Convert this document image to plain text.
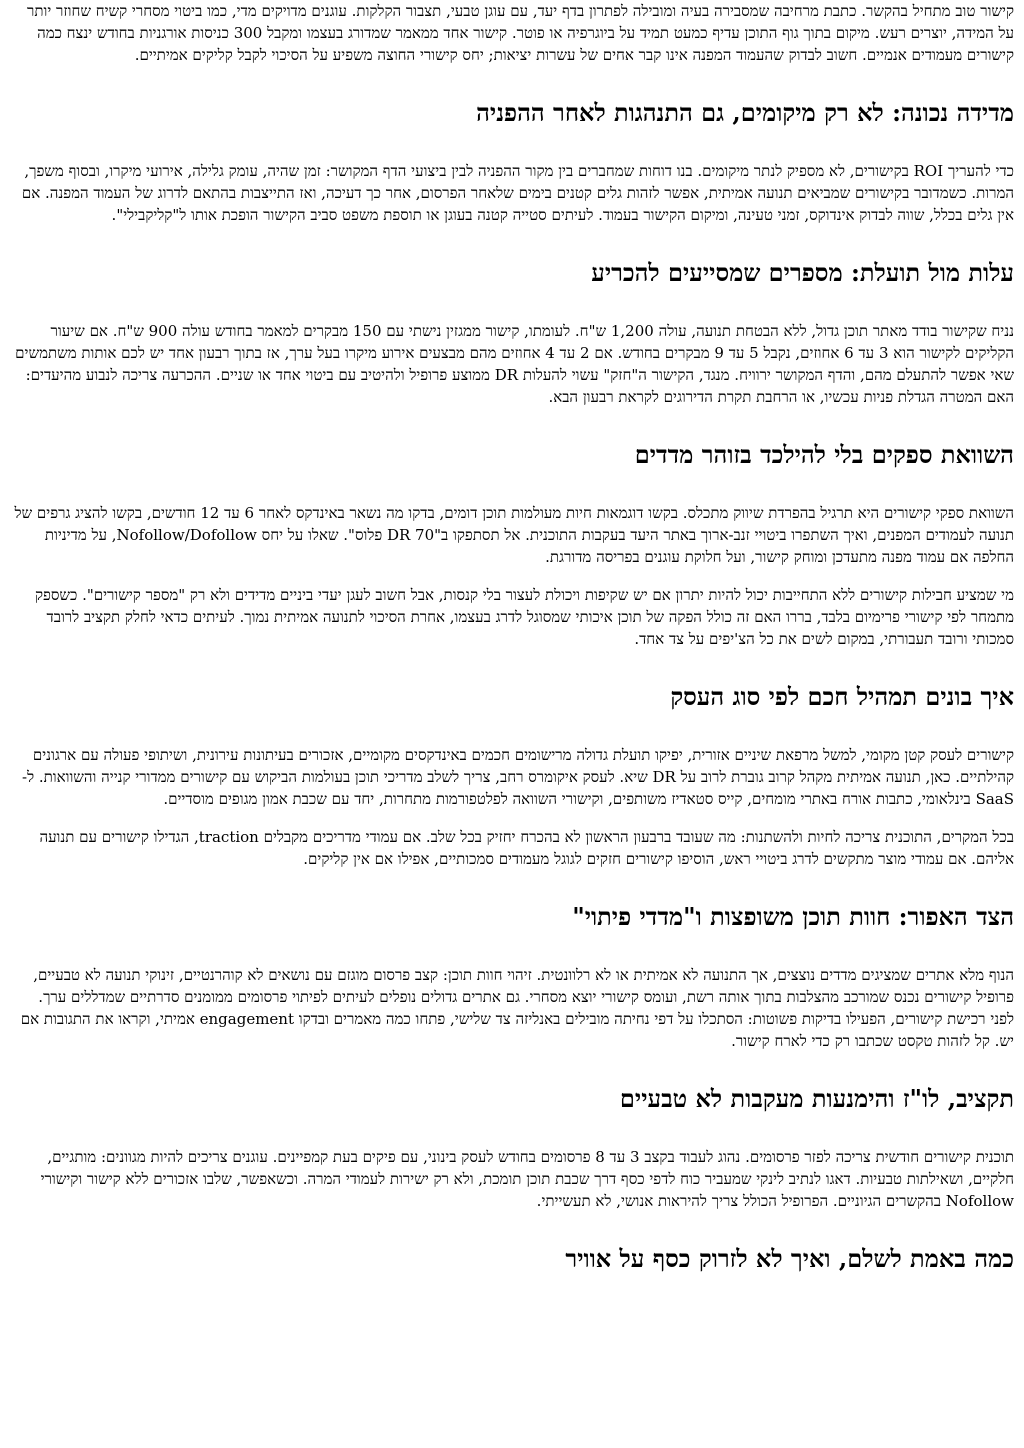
קישור טוב מתחיל בהקשר. כתבת מרחיבה שמסבירה בעיה ומובילה לפתרון בדף יעד, עם עוגן טבעי, תצבור הקלקות. עוגנים מדויקים מדי, כמו ביטוי מסחרי קשיח שחוזר יותר על המידה, יוצרים רעש. מיקום בתוך גוף התוכן עדיף כמעט תמיד על ביוגרפיה או פוטר. קישור אחד ממאמר שמדורג בעצמו ומקבל 300 כניסות אורגניות בחודש ינצח כמה קישורים מעמודים אנמיים. חשוב לבדוק שהעמוד המפנה אינו קבר אחים של עשרות יציאות; יחס קישורי החוצה משפיע על הסיכוי לקבל קליקים אמיתיים.

מדידה נכונה: לא רק מיקומים, גם התנהגות לאחר ההפניה

כדי להעריך ROI בקישורים, לא מספיק לנתר מיקומים. בנו דוחות שמחברים בין מקור ההפניה לבין ביצועי הדף המקושר: זמן שהיה, עומק גלילה, אירועי מיקרו, ובסוף משפך, המרות. כשמדובר בקישורים שמביאים תנועה אמיתית, אפשר לזהות גלים קטנים בימים שלאחר הפרסום, אחר כך דעיכה, ואז התייצבות בהתאם לדרוג של העמוד המפנה. אם אין גלים בכלל, שווה לבדוק אינדוקס, זמני טעינה, ומיקום הקישור בעמוד. לעיתים סטייה קטנה בעוגן או תוספת משפט סביב הקישור הופכת אותו ל"קליקבילי".

עלות מול תועלת: מספרים שמסייעים להכריע

נניח שקישור בודד מאתר תוכן גדול, ללא הבטחת תנועה, עולה 1,200 ש"ח. לעומתו, קישור ממגזין נישתי עם 150 מבקרים למאמר בחודש עולה 900 ש"ח. אם שיעור הקליקים לקישור הוא 3 עד 6 אחוזים, נקבל 5 עד 9 מבקרים בחודש. אם 2 עד 4 אחוזים מהם מבצעים אירוע מיקרו בעל ערך, אז בתוך רבעון אחד יש לכם אותות משתמשים שאי אפשר להתעלם מהם, והדף המקושר ירוויח. מנגד, הקישור ה"חזק" עשוי להעלות DR ממוצע פרופיל ולהיטיב עם ביטוי אחד או שניים. ההכרעה צריכה לנבוע מהיעדים: האם המטרה הגדלת פניות עכשיו, או הרחבת תקרת הדירוגים לקראת רבעון הבא.

השוואת ספקים בלי להילכד בזוהר מדדים

השוואת ספקי קישורים היא תרגיל בהפרדת שיווק מתכלס. בקשו דוגמאות חיות מעולמות תוכן דומים, בדקו מה נשאר באינדקס לאחר 6 עד 12 חודשים, בקשו להציג גרפים של תנועה לעמודים המפנים, ואיך השתפרו ביטויי זנב-ארוך באתר היעד בעקבות התוכנית. אל תסתפקו ב"DR 70 פלוס". שאלו על יחס Nofollow/Dofollow, על מדיניות החלפה אם עמוד מפנה מתעדכן ומוחק קישור, ועל חלוקת עוגנים בפריסה מדורגת.

מי שמציע חבילות קישורים ללא התחייבות יכול להיות יתרון אם יש שקיפות ויכולת לעצור בלי קנסות, אבל חשוב לעגן יעדי ביניים מדידים ולא רק "מספר קישורים". כשספק מתמחר לפי קישורי פרימיום בלבד, בררו האם זה כולל הפקה של תוכן איכותי שמסוגל לדרג בעצמו, אחרת הסיכוי לתנועה אמיתית נמוך. לעיתים כדאי לחלק תקציב לרובד סמכותי ורובד תעבורתי, במקום לשים את כל הצ'יפים על צד אחד.

איך בונים תמהיל חכם לפי סוג העסק

קישורים לעסק קטן מקומי, למשל מרפאת שיניים אזורית, יפיקו תועלת גדולה מרישומים חכמים באינדקסים מקומיים, אזכורים בעיתונות עירונית, ושיתופי פעולה עם ארגונים קהילתיים. כאן, תנועה אמיתית מקהל קרוב גוברת לרוב על DR שיא. לעסק איקומרס רחב, צריך לשלב מדריכי תוכן בעולמות הביקוש עם קישורים ממדורי קנייה והשוואות. ל-SaaS בינלאומי, כתבות אורח באתרי מומחים, קייס סטאדיז משותפים, וקישורי השוואה לפלטפורמות מתחרות, יחד עם שכבת אמון מגופים מוסדיים.

בכל המקרים, התוכנית צריכה לחיות ולהשתנות: מה שעובד ברבעון הראשון לא בהכרח יחזיק בכל שלב. אם עמודי מדריכים מקבלים traction, הגדילו קישורים עם תנועה אליהם. אם עמודי מוצר מתקשים לדרג ביטויי ראש, הוסיפו קישורים חזקים לגוגל מעמודים סמכותיים, אפילו אם אין קליקים.

הצד האפור: חוות תוכן משופצות ו"מדדי פיתוי"

הנוף מלא אתרים שמציגים מדדים נוצצים, אך התנועה לא אמיתית או לא רלוונטית. זיהוי חוות תוכן: קצב פרסום מוגזם עם נושאים לא קוהרנטיים, זינוקי תנועה לא טבעיים, פרופיל קישורים נכנס שמורכב מהצלבות בתוך אותה רשת, ועומס קישורי יוצא מסחרי. גם אתרים גדולים נופלים לעיתים לפיתוי פרסומים ממומנים סדרתיים שמדללים ערך. לפני רכישת קישורים, הפעילו בדיקות פשוטות: הסתכלו על דפי נחיתה מובילים באנליזה צד שלישי, פתחו כמה מאמרים ובדקו engagement אמיתי, וקראו את התגובות אם יש. קל לזהות טקסט שכתבו רק כדי לארח קישור.

תקציב, לו"ז והימנעות מעקבות לא טבעיים

תוכנית קישורים חודשית צריכה לפזר פרסומים. נהוג לעבוד בקצב 3 עד 8 פרסומים בחודש לעסק בינוני, עם פיקים בעת קמפיינים. עוגנים צריכים להיות מגוונים: מותגיים, חלקיים, ושאילתות טבעיות. דאגו לנתיב לינקי שמעביר כוח לדפי כסף דרך שכבת תוכן תומכת, ולא רק ישירות לעמודי המרה. וכשאפשר, שלבו אזכורים ללא קישור וקישורי Nofollow בהקשרים הגיוניים. הפרופיל הכולל צריך להיראות אנושי, לא תעשייתי.

כמה באמת לשלם, ואיך לא לזרוק כסף על אוויר
